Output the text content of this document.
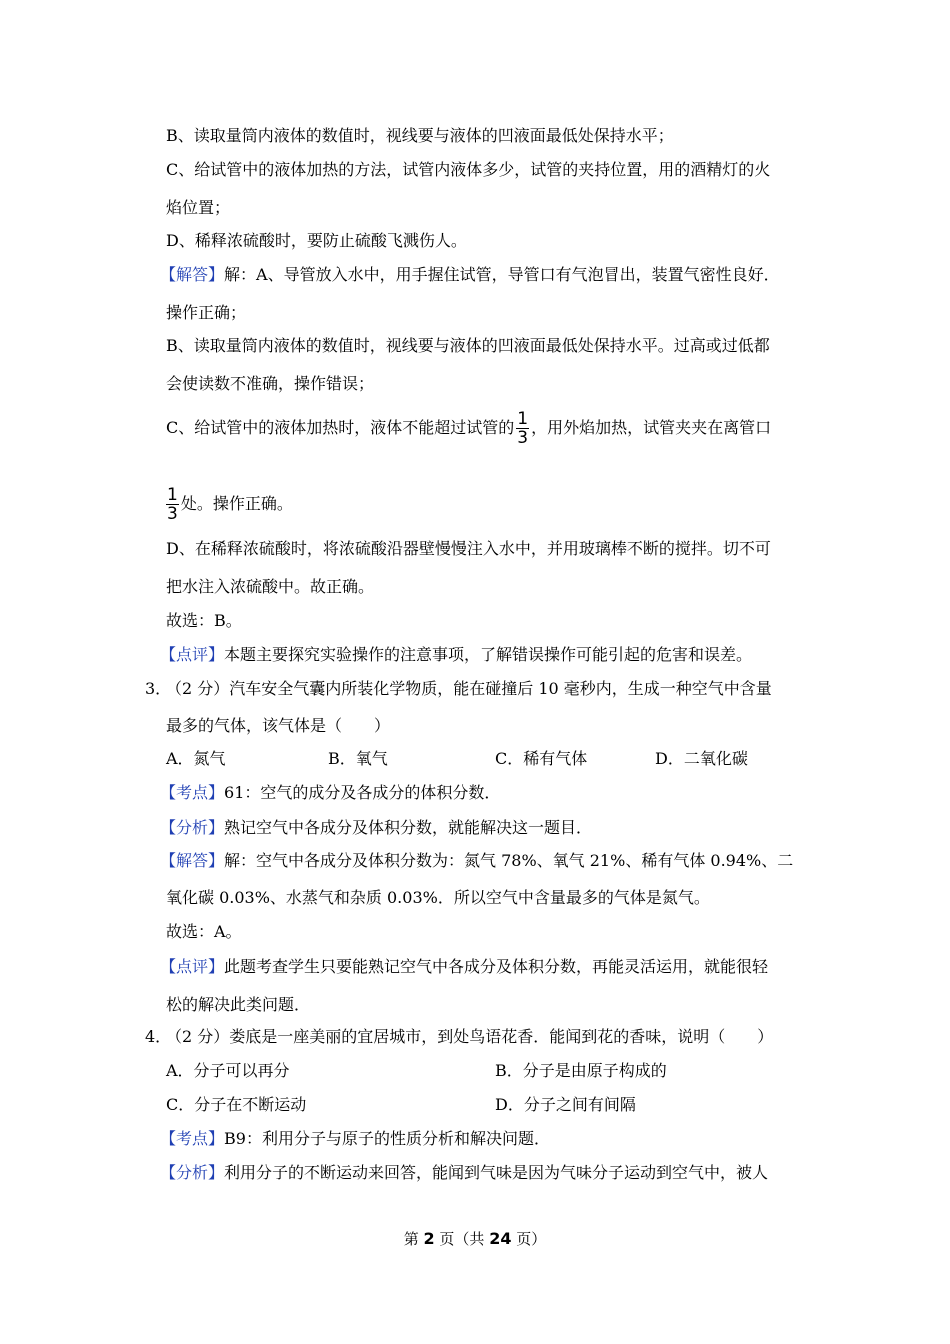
B、读取量筒内液体的数值时，视线要与液体的凹液面最低处保持水平；
C、给试管中的液体加热的方法，试管内液体多少，试管的夹持位置，用的酒精灯的火
焰位置；
D、稀释浓硫酸时，要防止硫酸飞溅伤人。
【解答】解：A、导管放入水中，用手握住试管，导管口有气泡冒出，装置气密性良好．
操作正确；
B、读取量筒内液体的数值时，视线要与液体的凹液面最低处保持水平。过高或过低都
会使读数不准确，操作错误；
C、给试管中的液体加热时，液体不能超过试管的 $\frac{1}{3}$ ，用外焰加热，试管夹夹在离管口
$\frac{1}{3}$ 处。操作正确。
D、在稀释浓硫酸时，将浓硫酸沿器壁慢慢注入水中，并用玻璃棒不断的搅拌。切不可
把水注入浓硫酸中。故正确。
故选：B。
【点评】本题主要探究实验操作的注意事项，了解错误操作可能引起的危害和误差。
3．
（2 分）汽车安全气囊内所装化学物质，能在碰撞后 10 毫秒内，生成一种空气中含量
最多的气体，该气体是（　　）
A．氮气	B．氧气	C．稀有气体	D．二氧化碳
【考点】61：空气的成分及各成分的体积分数．
【分析】熟记空气中各成分及体积分数，就能解决这一题目．
【解答】解：空气中各成分及体积分数为：氮气 78%、氧气 21%、稀有气体 0.94%、二
氧化碳 0.03%、水蒸气和杂质 0.03%．所以空气中含量最多的气体是氮气。
故选：A。
【点评】此题考查学生只要能熟记空气中各成分及体积分数，再能灵活运用，就能很轻
松的解决此类问题．
4．
（2 分）娄底是一座美丽的宜居城市，到处鸟语花香．能闻到花的香味，说明（　　）
A．分子可以再分	B．分子是由原子构成的
C．分子在不断运动	D．分子之间有间隔
【考点】B9：利用分子与原子的性质分析和解决问题．
【分析】利用分子的不断运动来回答，能闻到气味是因为气味分子运动到空气中，被人
第 2 页（共 24 页）
